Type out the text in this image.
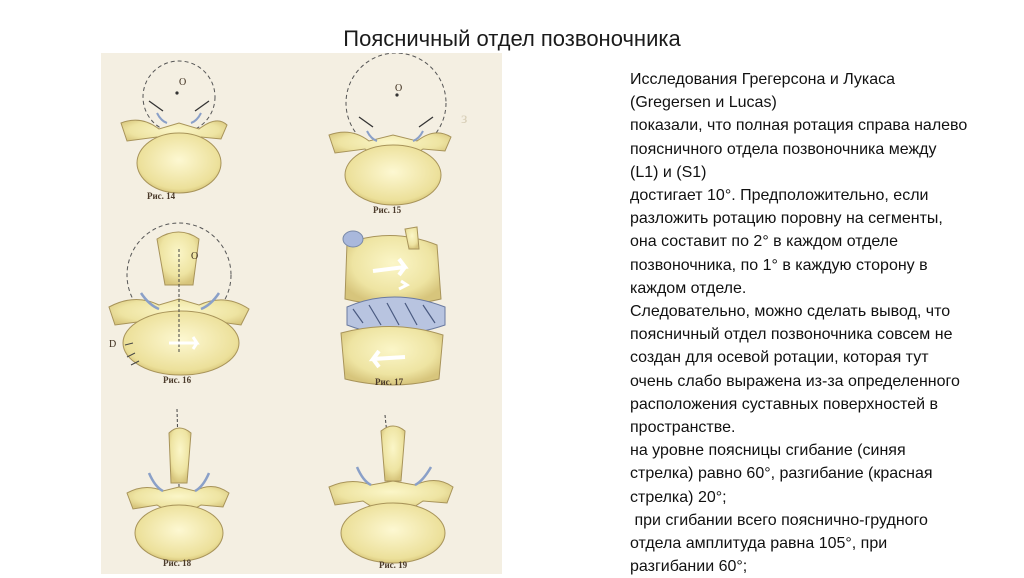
Поясничный отдел позвоночника
з
Рис. 14
Рис. 15
Рис. 16	Рис. 17
Рис. 18	Рис. 19
O
O
O
D
Исследования Грегерсона и Лукаса
(Gregersen и Lucas)
показали, что полная ротация справа налево
поясничного отдела позвоночника между
(L1) и (S1)
достигает 10°. Предположительно, если
разложить ротацию поровну на сегменты,
она составит по 2° в каждом отделе
позвоночника, по 1° в каждую сторону в
каждом отделе.
Следовательно, можно сделать вывод, что
поясничный отдел позвоночника совсем не
создан для осевой ротации, которая тут
очень слабо выражена из-за определенного
расположения суставных поверхностей в
пространстве.
на уровне поясницы сгибание (синяя
стрелка) равно 60°, разгибание (красная
стрелка) 20°;
при сгибании всего пояснично-грудного
отдела амплитуда равна 105°, при
разгибании 60°;
